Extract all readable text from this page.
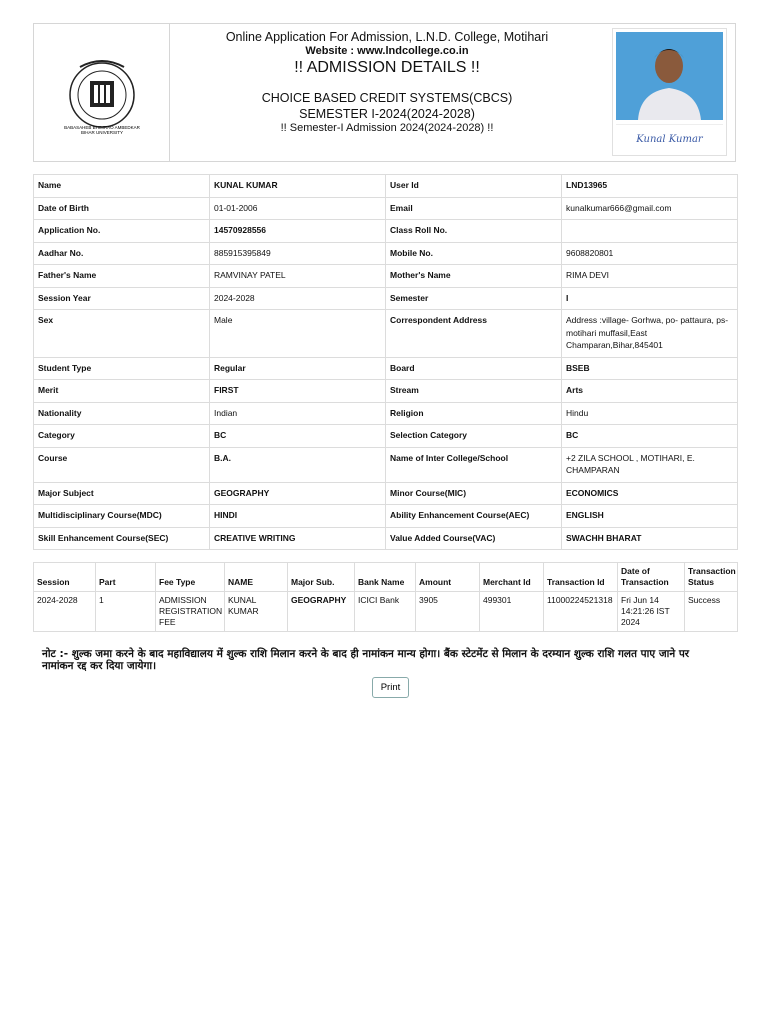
BABASAHEB BHIMRAO AMBEDKAR
BIHAR UNIVERSITY
Online Application For Admission, L.N.D. College, Motihari
Website : www.lndcollege.co.in
!! ADMISSION DETAILS !!
CHOICE BASED CREDIT SYSTEMS(CBCS)
SEMESTER I-2024(2024-2028)
!! Semester-I Admission 2024(2024-2028) !!
Kunal Kumar
Name	KUNAL KUMAR	User Id	LND13965
Date of Birth	01-01-2006	Email	kunalkumar666@gmail.com
Application No.	14570928556	Class Roll No.	
Aadhar No.	885915395849	Mobile No.	9608820801
Father's Name	RAMVINAY PATEL	Mother's Name	RIMA DEVI
Session Year	2024-2028	Semester	I
Sex	Male	Correspondent Address	Address :village- Gorhwa, po- pattaura, ps- motihari muffasil,East Champaran,Bihar,845401
Student Type	Regular	Board	BSEB
Merit	FIRST	Stream	Arts
Nationality	Indian	Religion	Hindu
Category	BC	Selection Category	BC
Course	B.A.	Name of Inter College/School	+2 ZILA SCHOOL , MOTIHARI, E. CHAMPARAN
Major Subject	GEOGRAPHY	Minor Course(MIC)	ECONOMICS
Multidisciplinary Course(MDC)	HINDI	Ability Enhancement Course(AEC)	ENGLISH
Skill Enhancement Course(SEC)	CREATIVE WRITING	Value Added Course(VAC)	SWACHH BHARAT
Session	Part	Fee Type	NAME	Major Sub.	Bank Name	Amount	Merchant Id	Transaction Id	Date of Transaction	Transaction Status
2024-2028	1	ADMISSION REGISTRATION FEE	KUNAL KUMAR	GEOGRAPHY	ICICI Bank	3905	499301	11000224521318	Fri Jun 14 14:21:26 IST 2024	Success
नोट :- शुल्क जमा करने के बाद महाविद्यालय में शुल्क राशि मिलान करने के बाद ही नामांकन मान्य होगा। बैंक स्टेटमेंट से मिलान के दरम्यान शुल्क राशि गलत पाए जाने पर नामांकन रद्द कर दिया जायेगा।
Print
